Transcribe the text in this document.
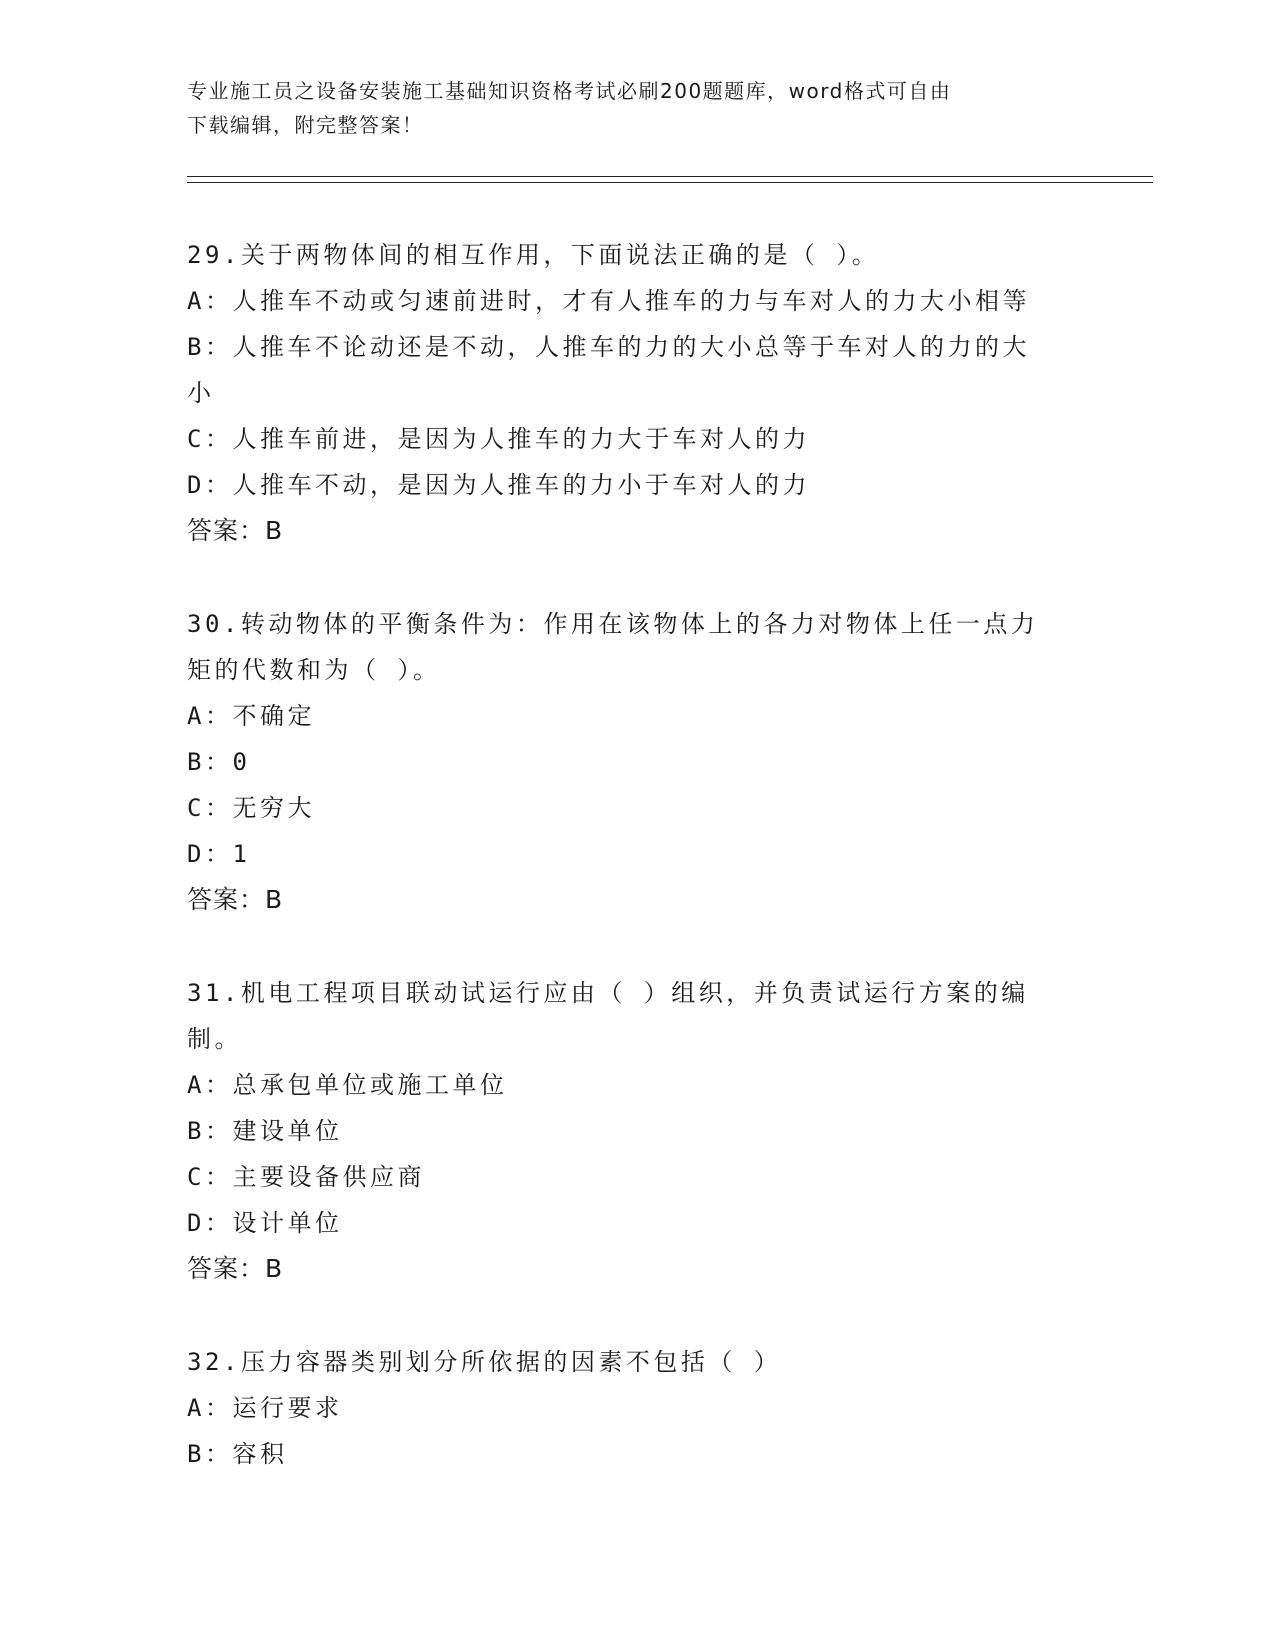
专业施工员之设备安装施工基础知识资格考试必刷200题题库，word格式可自由
下载编辑，附完整答案！
29.关于两物体间的相互作用，下面说法正确的是（ ）。
A：人推车不动或匀速前进时，才有人推车的力与车对人的力大小相等
B：人推车不论动还是不动，人推车的力的大小总等于车对人的力的大
小
C：人推车前进，是因为人推车的力大于车对人的力
D：人推车不动，是因为人推车的力小于车对人的力
答案：B
30.转动物体的平衡条件为：作用在该物体上的各力对物体上任一点力
矩的代数和为（ ）。
A：不确定
B：0
C：无穷大
D：1
答案：B
31.机电工程项目联动试运行应由（ ）组织，并负责试运行方案的编
制。
A：总承包单位或施工单位
B：建设单位
C：主要设备供应商
D：设计单位
答案：B
32.压力容器类别划分所依据的因素不包括（ ）
A：运行要求
B：容积
